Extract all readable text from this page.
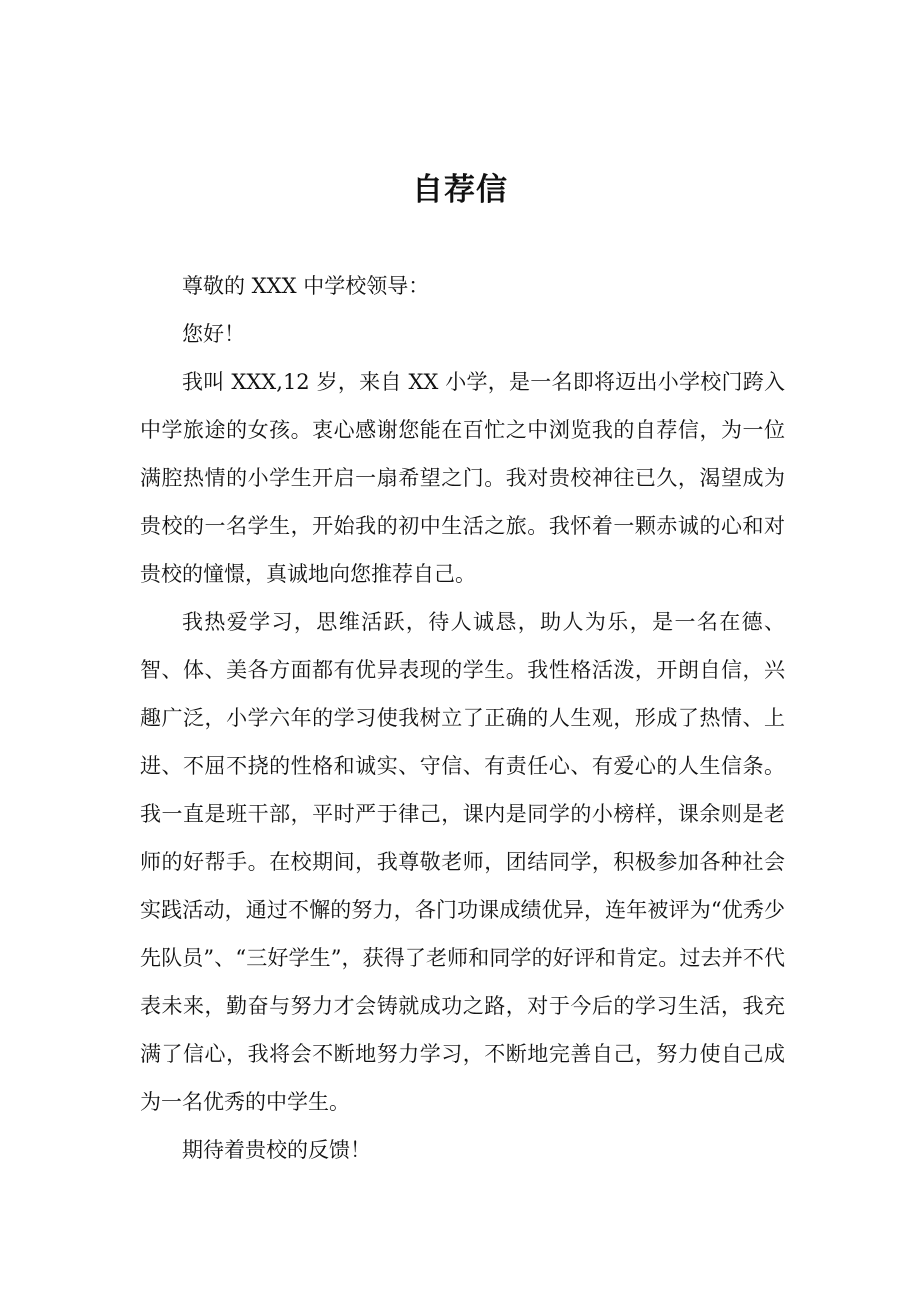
自荐信

尊敬的 XXX 中学校领导：

您好！

我叫 XXX,12 岁，来自 XX 小学，是一名即将迈出小学校门跨入中学旅途的女孩。衷心感谢您能在百忙之中浏览我的自荐信，为一位满腔热情的小学生开启一扇希望之门。我对贵校神往已久，渴望成为贵校的一名学生，开始我的初中生活之旅。我怀着一颗赤诚的心和对贵校的憧憬，真诚地向您推荐自己。

我热爱学习，思维活跃，待人诚恳，助人为乐，是一名在德、智、体、美各方面都有优异表现的学生。我性格活泼，开朗自信，兴趣广泛，小学六年的学习使我树立了正确的人生观，形成了热情、上进、不屈不挠的性格和诚实、守信、有责任心、有爱心的人生信条。我一直是班干部，平时严于律己，课内是同学的小榜样，课余则是老师的好帮手。在校期间，我尊敬老师，团结同学，积极参加各种社会实践活动，通过不懈的努力，各门功课成绩优异，连年被评为“优秀少先队员”、“三好学生”，获得了老师和同学的好评和肯定。过去并不代表未来，勤奋与努力才会铸就成功之路，对于今后的学习生活，我充满了信心，我将会不断地努力学习，不断地完善自己，努力使自己成为一名优秀的中学生。

期待着贵校的反馈！
